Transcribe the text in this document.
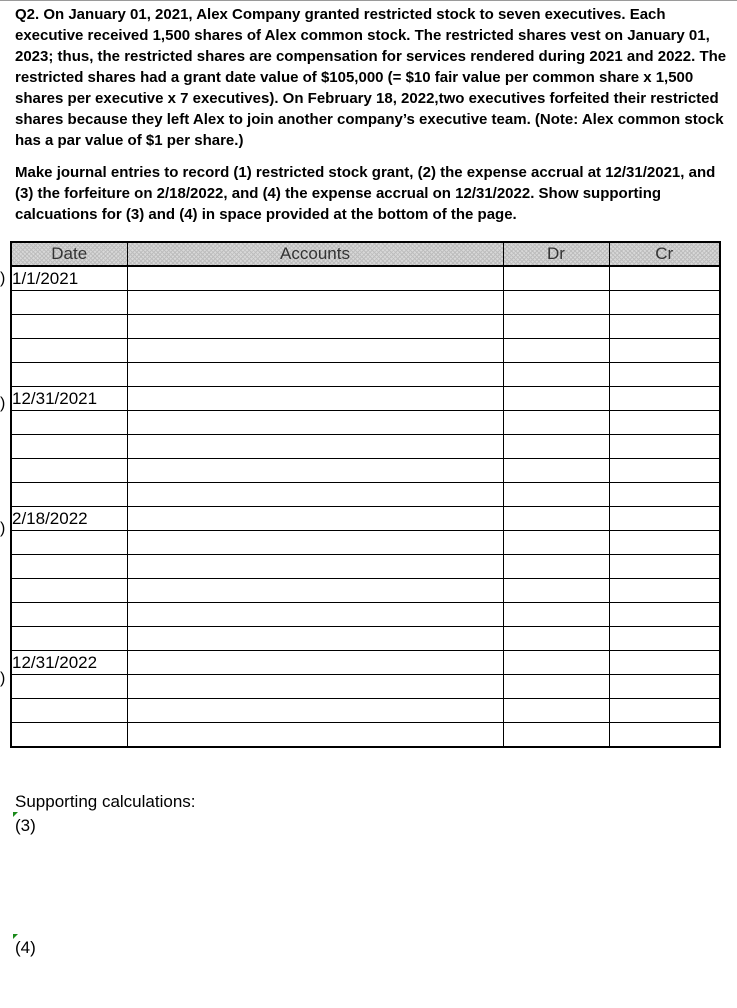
Q2. On January 01, 2021, Alex Company granted restricted stock to seven executives. Each executive received 1,500 shares of Alex common stock. The restricted shares vest on January 01, 2023; thus, the restricted shares are compensation for services rendered during 2021 and 2022. The restricted shares had a grant date value of $105,000 (= $10 fair value per common share x 1,500 shares per executive x 7 executives). On February 18, 2022,two executives forfeited their restricted shares because they left Alex to join another company’s executive team. (Note: Alex common stock has a par value of $1 per share.)
Make journal entries to record (1) restricted stock grant, (2) the expense accrual at 12/31/2021, and (3) the forfeiture on 2/18/2022, and (4) the expense accrual on 12/31/2022. Show supporting calcuations for (3) and (4) in space provided at the bottom of the page.
)
)
)
)
Date	Accounts	Dr	Cr
1/1/2021			

12/31/2021			

2/18/2022			

12/31/2022			

Supporting calculations:
(3)
(4)
